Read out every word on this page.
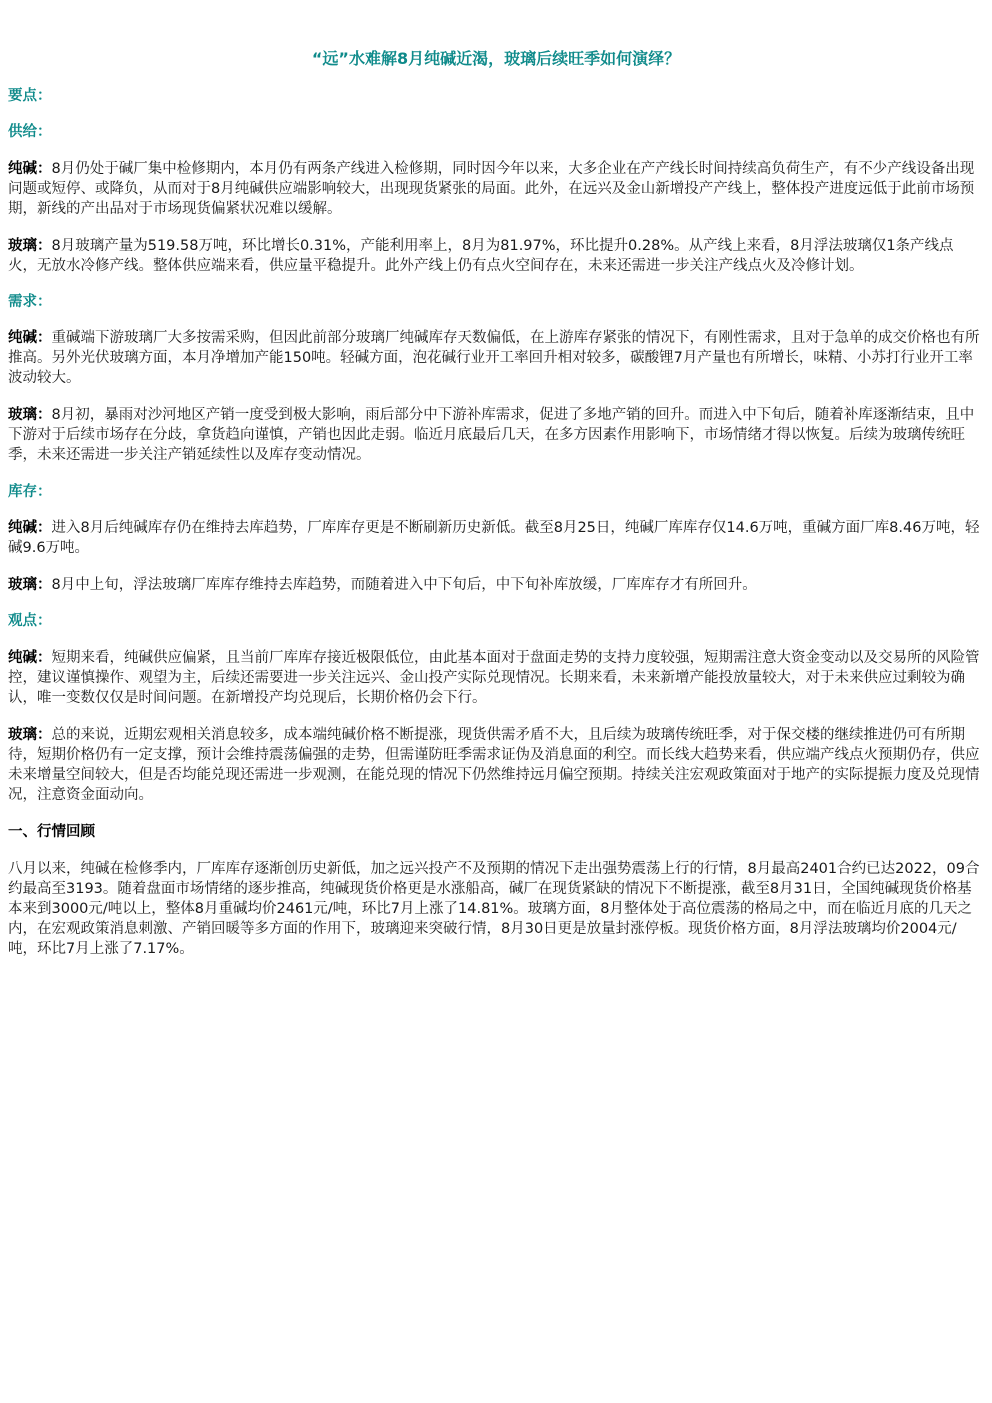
“远”水难解8月纯碱近渴，玻璃后续旺季如何演绎？
要点：
供给：

纯碱：8月仍处于碱厂集中检修期内，本月仍有两条产线进入检修期，同时因今年以来，大多企业在产产线长时间持续高负荷生产，有不少产线设备出现问题或短停、或降负，从而对于8月纯碱供应端影响较大，出现现货紧张的局面。此外，在远兴及金山新增投产产线上，整体投产进度远低于此前市场预期，新线的产出品对于市场现货偏紧状况难以缓解。

玻璃：8月玻璃产量为519.58万吨，环比增长0.31%，产能利用率上，8月为81.97%，环比提升0.28%。从产线上来看，8月浮法玻璃仅1条产线点火，无放水冷修产线。整体供应端来看，供应量平稳提升。此外产线上仍有点火空间存在，未来还需进一步关注产线点火及冷修计划。

需求：

纯碱：重碱端下游玻璃厂大多按需采购，但因此前部分玻璃厂纯碱库存天数偏低，在上游库存紧张的情况下，有刚性需求，且对于急单的成交价格也有所推高。另外光伏玻璃方面，本月净增加产能150吨。轻碱方面，泡花碱行业开工率回升相对较多，碳酸锂7月产量也有所增长，味精、小苏打行业开工率波动较大。

玻璃：8月初，暴雨对沙河地区产销一度受到极大影响，雨后部分中下游补库需求，促进了多地产销的回升。而进入中下旬后，随着补库逐渐结束，且中下游对于后续市场存在分歧，拿货趋向谨慎，产销也因此走弱。临近月底最后几天，在多方因素作用影响下，市场情绪才得以恢复。后续为玻璃传统旺季，未来还需进一步关注产销延续性以及库存变动情况。

库存：

纯碱：进入8月后纯碱库存仍在维持去库趋势，厂库库存更是不断刷新历史新低。截至8月25日，纯碱厂库库存仅14.6万吨，重碱方面厂库8.46万吨，轻碱9.6万吨。

玻璃：8月中上旬，浮法玻璃厂库库存维持去库趋势，而随着进入中下旬后，中下旬补库放缓，厂库库存才有所回升。

观点：

纯碱：短期来看，纯碱供应偏紧，且当前厂库库存接近极限低位，由此基本面对于盘面走势的支持力度较强，短期需注意大资金变动以及交易所的风险管控，建议谨慎操作、观望为主，后续还需要进一步关注远兴、金山投产实际兑现情况。长期来看，未来新增产能投放量较大，对于未来供应过剩较为确认，唯一变数仅仅是时间问题。在新增投产均兑现后，长期价格仍会下行。

玻璃：总的来说，近期宏观相关消息较多，成本端纯碱价格不断提涨，现货供需矛盾不大，且后续为玻璃传统旺季，对于保交楼的继续推进仍可有所期待，短期价格仍有一定支撑，预计会维持震荡偏强的走势，但需谨防旺季需求证伪及消息面的利空。而长线大趋势来看，供应端产线点火预期仍存，供应未来增量空间较大，但是否均能兑现还需进一步观测，在能兑现的情况下仍然维持远月偏空预期。持续关注宏观政策面对于地产的实际提振力度及兑现情况，注意资金面动向。

一、行情回顾

八月以来，纯碱在检修季内，厂库库存逐渐创历史新低，加之远兴投产不及预期的情况下走出强势震荡上行的行情，8月最高2401合约已达2022，09合约最高至3193。随着盘面市场情绪的逐步推高，纯碱现货价格更是水涨船高，碱厂在现货紧缺的情况下不断提涨，截至8月31日，全国纯碱现货价格基本来到3000元/吨以上，整体8月重碱均价2461元/吨，环比7月上涨了14.81%。玻璃方面，8月整体处于高位震荡的格局之中，而在临近月底的几天之内，在宏观政策消息刺激、产销回暖等多方面的作用下，玻璃迎来突破行情，8月30日更是放量封涨停板。现货价格方面，8月浮法玻璃均价2004元/吨，环比7月上涨了7.17%。
